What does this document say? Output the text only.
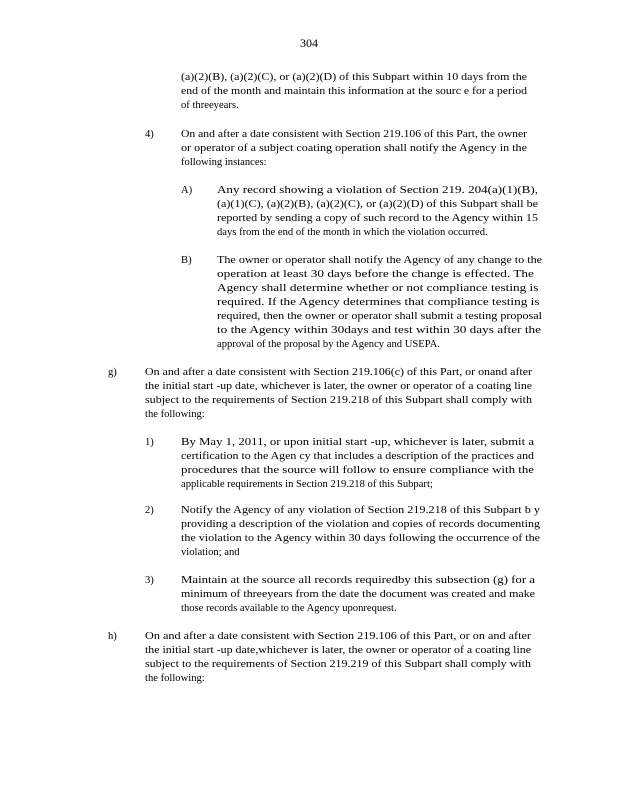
304
(a)(2)(B), (a)(2)(C), or (a)(2)(D) of this Subpart within 10 days from the
end of the month and maintain this information at the sourc e for a period
of threeyears.
4)	On and after a date consistent with Section 219.106 of this Part, the owner
or operator of a subject coating operation shall notify the Agency in the
following instances:
A) Any record showing a violation of Section 219. 204(a)(1)(B),
(a)(1)(C), (a)(2)(B), (a)(2)(C), or (a)(2)(D) of this Subpart shall be
reported by sending a copy of such record to the Agency within 15
days from the end of the month in which the violation occurred.
B) The owner or operator shall notify the Agency of any change to the
operation at least 30 days before the change is effected. The
Agency shall determine whether or not compliance testing is
required. If the Agency determines that compliance testing is
required, then the owner or operator shall submit a testing proposal
to the Agency within 30days and test within 30 days after the
approval of the proposal by the Agency and USEPA.
g)	On and after a date consistent with Section 219.106(c) of this Part, or onand after
the initial start -up date, whichever is later, the owner or operator of a coating line
subject to the requirements of Section 219.218 of this Subpart shall comply with
the following:
1)	By May 1, 2011, or upon initial start -up, whichever is later, submit a
certification to the Agen cy that includes a description of the practices and
procedures that the source will follow to ensure compliance with the
applicable requirements in Section 219.218 of this Subpart;
2)	Notify the Agency of any violation of Section 219.218 of this Subpart b y
providing a description of the violation and copies of records documenting
the violation to the Agency within 30 days following the occurrence of the
violation; and
3)	Maintain at the source all records requiredby this subsection (g) for a
minimum of threeyears from the date the document was created and make
those records available to the Agency uponrequest.
h)	On and after a date consistent with Section 219.106 of this Part, or on and after
the initial start -up date,whichever is later, the owner or operator of a coating line
subject to the requirements of Section 219.219 of this Subpart shall comply with
the following:
